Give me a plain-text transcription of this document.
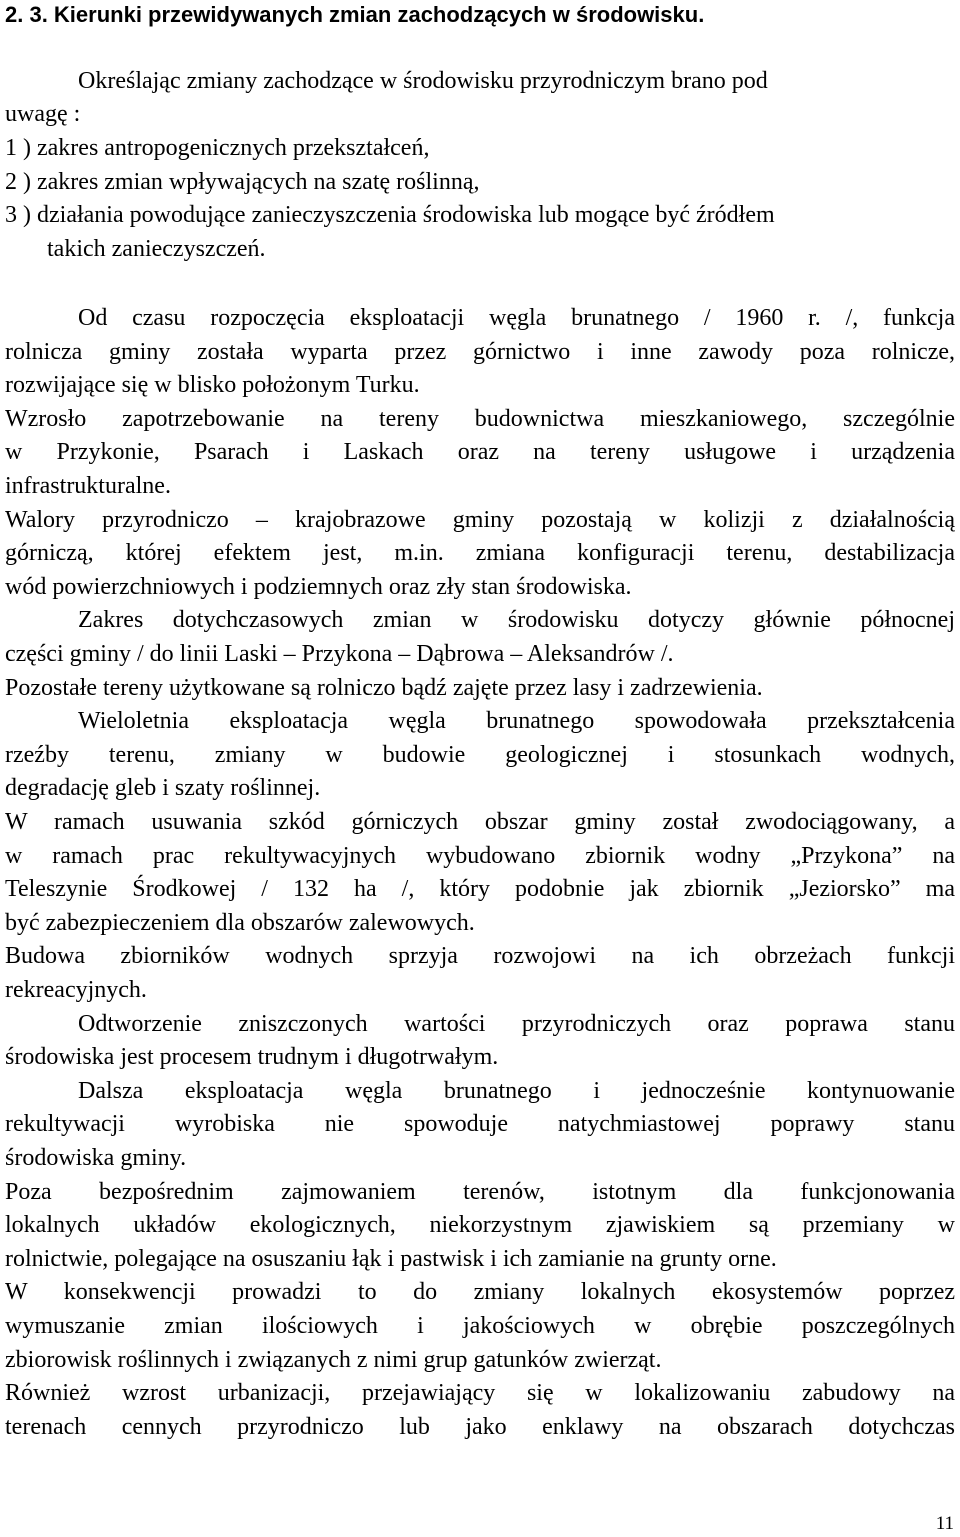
2. 3. Kierunki przewidywanych zmian zachodzących w środowisku.

Określając zmiany zachodzące w środowisku przyrodniczym brano pod

uwagę :

1 ) zakres antropogenicznych przekształceń,

2 ) zakres zmian wpływających na szatę roślinną,

3 ) działania powodujące zanieczyszczenia środowiska lub mogące być źródłem

takich zanieczyszczeń.

Od czasu rozpoczęcia eksploatacji węgla brunatnego / 1960 r. /, funkcja

rolnicza gminy została wyparta przez górnictwo i inne zawody poza rolnicze,

rozwijające się w blisko położonym Turku.

Wzrosło zapotrzebowanie na tereny budownictwa mieszkaniowego, szczególnie

w Przykonie, Psarach i Laskach oraz na tereny usługowe i urządzenia

infrastrukturalne.

Walory przyrodniczo – krajobrazowe gminy pozostają w kolizji z działalnością

górniczą, której efektem jest, m.in. zmiana konfiguracji terenu, destabilizacja

wód powierzchniowych i podziemnych oraz zły stan środowiska.

Zakres dotychczasowych zmian w środowisku dotyczy głównie północnej

części gminy / do linii Laski – Przykona – Dąbrowa – Aleksandrów /.

Pozostałe tereny użytkowane są rolniczo bądź zajęte przez lasy i zadrzewienia.

Wieloletnia eksploatacja węgla brunatnego spowodowała przekształcenia

rzeźby terenu, zmiany w budowie geologicznej i stosunkach wodnych,

degradację gleb i szaty roślinnej.

W ramach usuwania szkód górniczych obszar gminy został zwodociągowany, a

w ramach prac rekultywacyjnych wybudowano zbiornik wodny „Przykona” na

Teleszynie Środkowej / 132 ha /, który podobnie jak zbiornik „Jeziorsko” ma

być zabezpieczeniem dla obszarów zalewowych.

Budowa zbiorników wodnych sprzyja rozwojowi na ich obrzeżach funkcji

rekreacyjnych.

Odtworzenie zniszczonych wartości przyrodniczych oraz poprawa stanu

środowiska jest procesem trudnym i długotrwałym.

Dalsza eksploatacja węgla brunatnego i jednocześnie kontynuowanie

rekultywacji wyrobiska nie spowoduje natychmiastowej poprawy stanu

środowiska gminy.

Poza bezpośrednim zajmowaniem terenów, istotnym dla funkcjonowania

lokalnych układów ekologicznych, niekorzystnym zjawiskiem są przemiany w

rolnictwie, polegające na osuszaniu łąk i pastwisk i ich zamianie na grunty orne.

W konsekwencji prowadzi to do zmiany lokalnych ekosystemów poprzez

wymuszanie zmian ilościowych i jakościowych w obrębie poszczególnych

zbiorowisk roślinnych i związanych z nimi grup gatunków zwierząt.

Również wzrost urbanizacji, przejawiający się w lokalizowaniu zabudowy na

terenach cennych przyrodniczo lub jako enklawy na obszarach dotychczas

11
